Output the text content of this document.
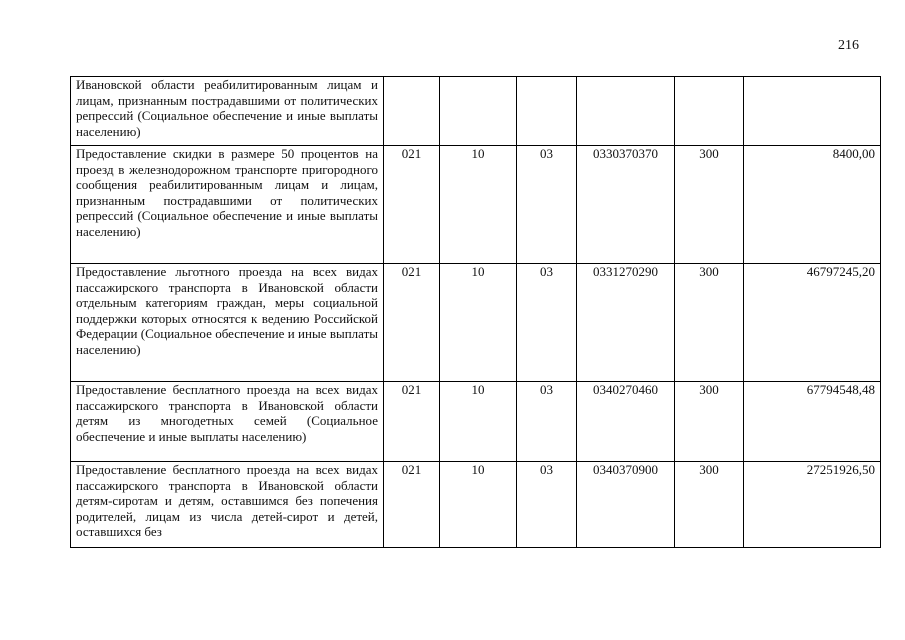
216
Ивановской области реабилитированным лицам и лицам, признанным пострадавшими от политических репрессий (Социальное обеспечение и иные выплаты населению)						
Предоставление скидки в размере 50 процентов на проезд в железнодорожном транспорте пригородного сообщения реабилитированным лицам и лицам, признанным пострадавшими от политических репрессий (Социальное обеспечение и иные выплаты населению)	021	10	03	0330370370	300	8400,00
Предоставление льготного проезда на всех видах пассажирского транспорта в Ивановской области отдельным категориям граждан, меры социальной поддержки которых относятся к ведению Российской Федерации (Социальное обеспечение и иные выплаты населению)	021	10	03	0331270290	300	46797245,20
Предоставление бесплатного проезда на всех видах пассажирского транспорта в Ивановской области детям из многодетных семей (Социальное обеспечение и иные выплаты населению)	021	10	03	0340270460	300	67794548,48
Предоставление бесплатного проезда на всех видах пассажирского транспорта в Ивановской области детям-сиротам и детям, оставшимся без попечения родителей, лицам из числа детей-сирот и детей, оставшихся без	021	10	03	0340370900	300	27251926,50
